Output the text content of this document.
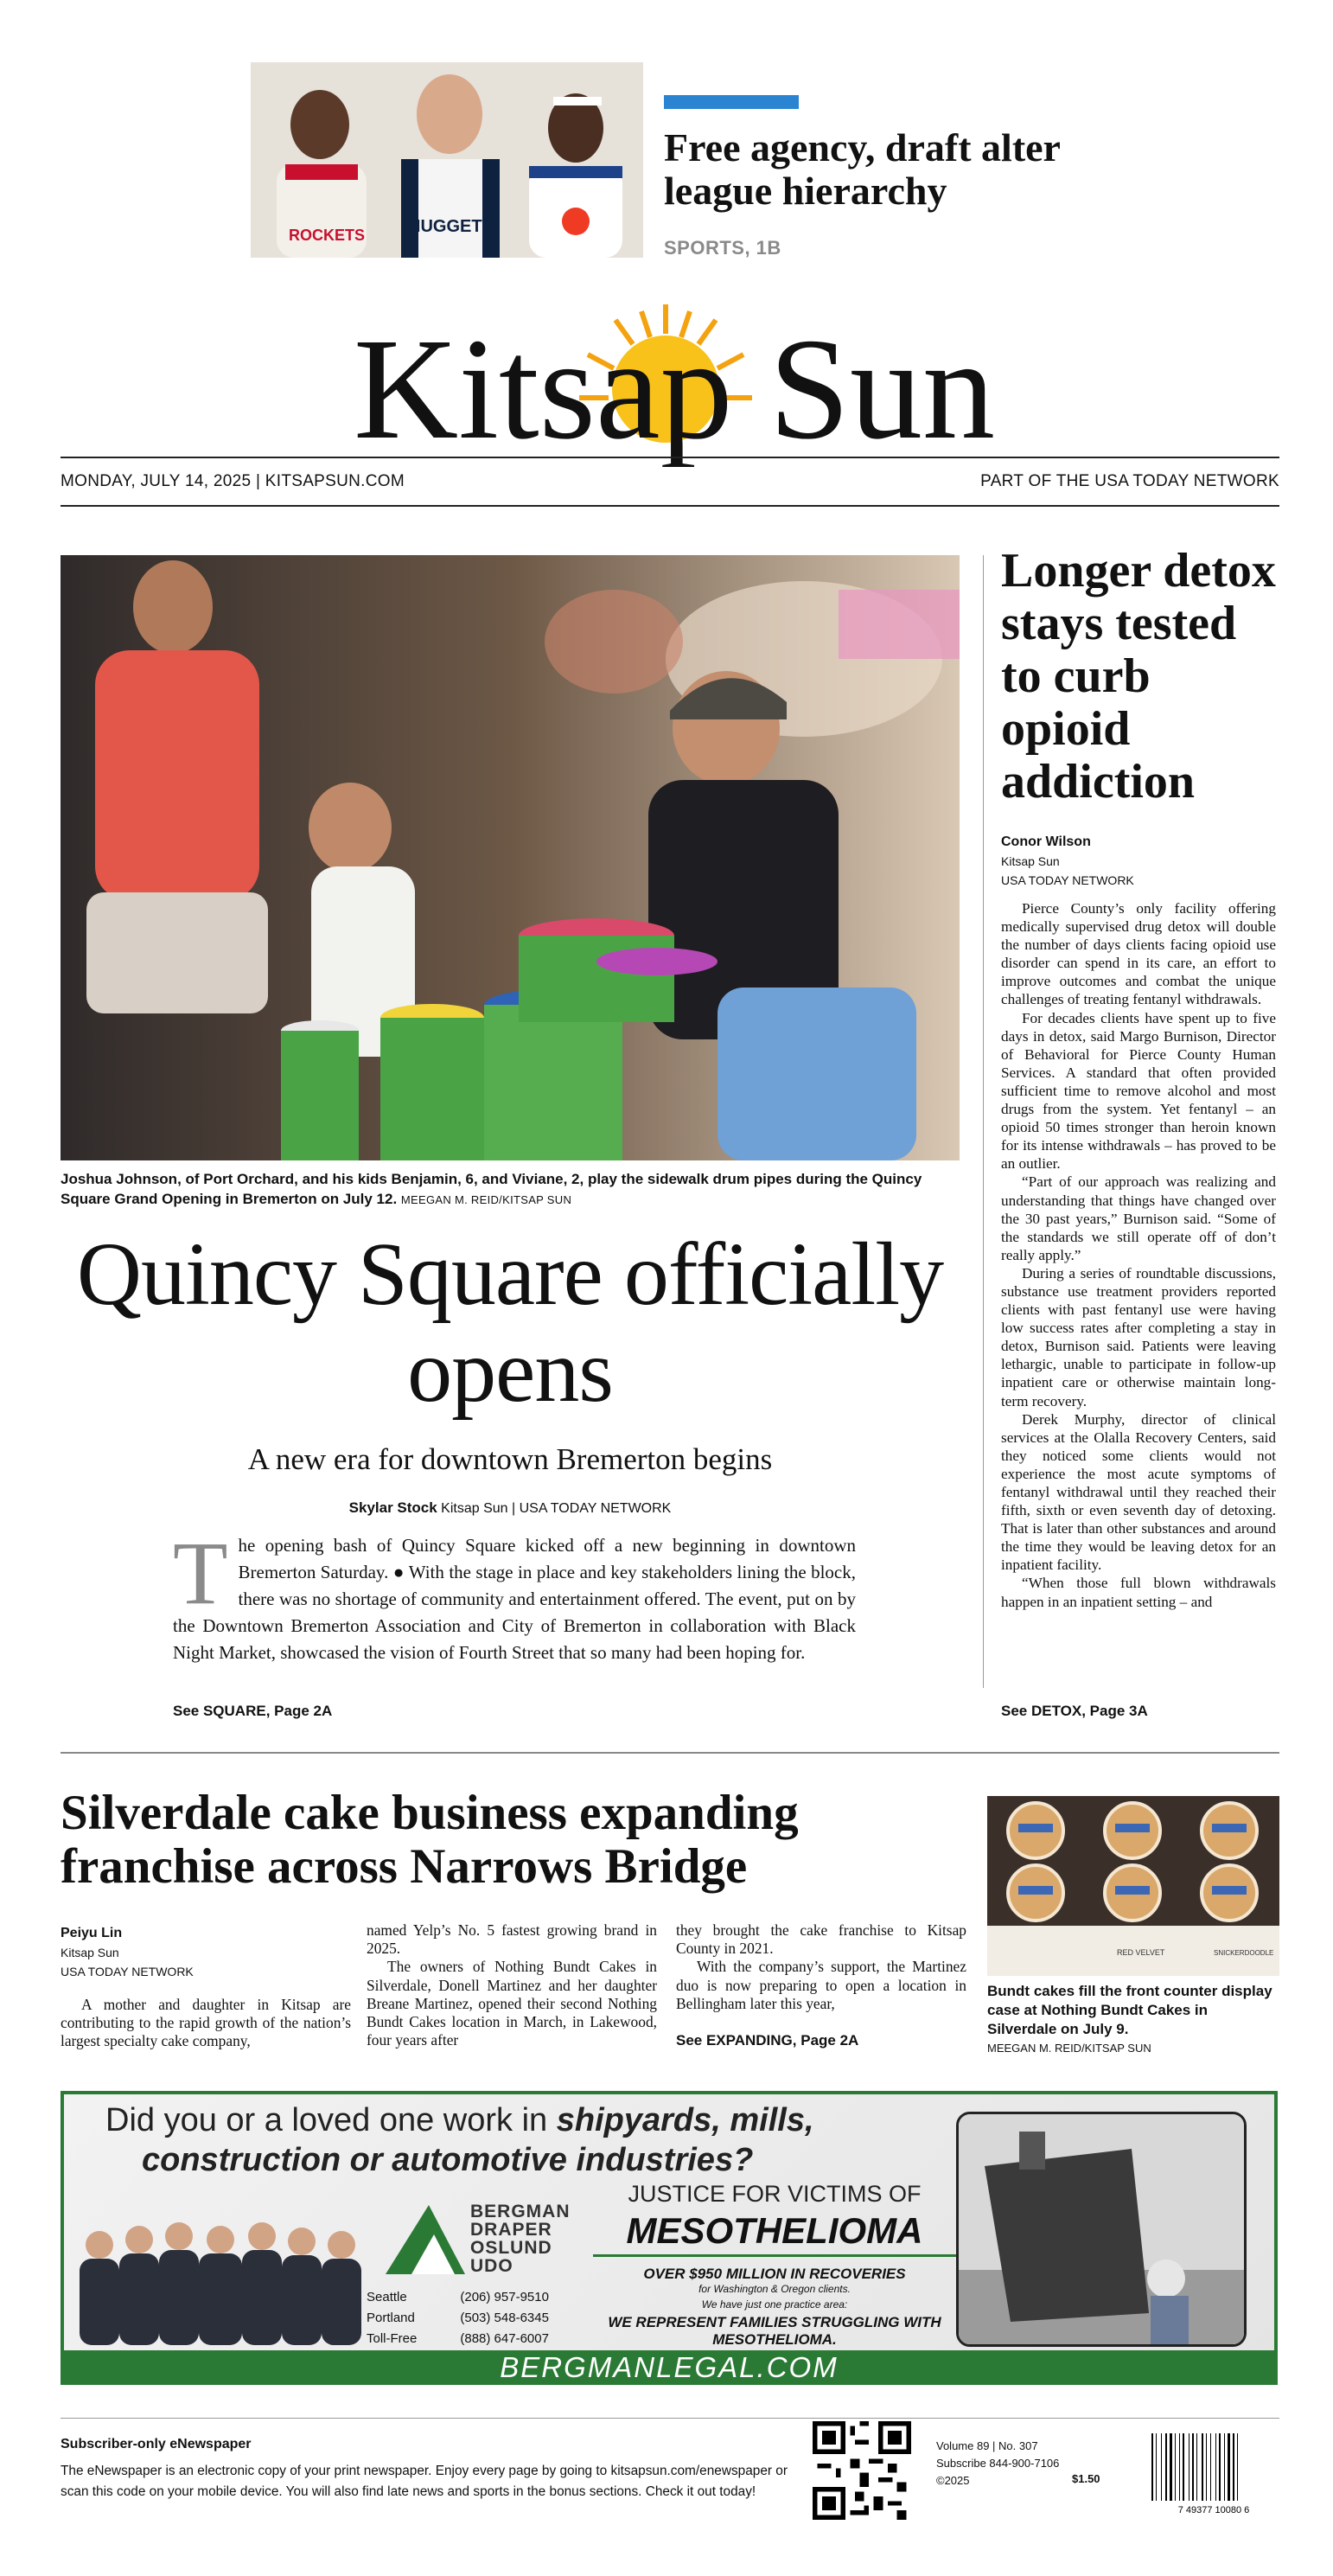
ROCKETS NUGGETS
Free agency, draft alter league hierarchy
SPORTS, 1B
Kitsap Sun
MONDAY, JULY 14, 2025 | KITSAPSUN.COM	PART OF THE USA TODAY NETWORK
Joshua Johnson, of Port Orchard, and his kids Benjamin, 6, and Viviane, 2, play the sidewalk drum pipes during the Quincy Square Grand Opening in Bremerton on July 12. MEEGAN M. REID/KITSAP SUN
Quincy Square officially opens
A new era for downtown Bremerton begins
Skylar Stock Kitsap Sun | USA TODAY NETWORK
T he opening bash of Quincy Square kicked off a new beginning in downtown Bremerton Saturday. ● With the stage in place and key stakeholders lining the block, there was no shortage of community and entertainment offered. The event, put on by the Downtown Bremerton Association and City of Bremerton in collaboration with Black Night Market, showcased the vision of Fourth Street that so many had been hoping for.
See SQUARE, Page 2A
Longer detox stays tested to curb opioid addiction
Conor Wilson
Kitsap Sun
USA TODAY NETWORK

Pierce County’s only facility offering medically supervised drug detox will double the number of days clients facing opioid use disorder can spend in its care, an effort to improve outcomes and combat the unique challenges of treating fentanyl withdrawals.

For decades clients have spent up to five days in detox, said Margo Burnison, Director of Behavioral for Pierce County Human Services. A standard that often provided sufficient time to remove alcohol and most drugs from the system. Yet fentanyl – an opioid 50 times stronger than heroin known for its intense withdrawals – has proved to be an outlier.

“Part of our approach was realizing and understanding that things have changed over the 30 past years,” Burnison said. “Some of the standards we still operate off of don’t really apply.”

During a series of roundtable discussions, substance use treatment providers reported clients with past fentanyl use were having low success rates after completing a stay in detox, Burnison said. Patients were leaving lethargic, unable to participate in follow-up inpatient care or otherwise maintain long-term recovery.

Derek Murphy, director of clinical services at the Olalla Recovery Centers, said they noticed some clients would not experience the most acute symptoms of fentanyl withdrawal until they reached their fifth, sixth or even seventh day of detoxing. That is later than other substances and around the time they would be leaving detox for an inpatient facility.

“When those full blown withdrawals happen in an inpatient setting – and

See DETOX, Page 3A
Silverdale cake business expanding franchise across Narrows Bridge
Peiyu Lin
Kitsap Sun
USA TODAY NETWORK

A mother and daughter in Kitsap are contributing to the rapid growth of the nation’s largest specialty cake company,

named Yelp’s No. 5 fastest growing brand in 2025.

The owners of Nothing Bundt Cakes in Silverdale, Donell Martinez and her daughter Breane Martinez, opened their second Nothing Bundt Cakes location in March, in Lakewood, four years after

they brought the cake franchise to Kitsap County in 2021.

With the company’s support, the Martinez duo is now preparing to open a location in Bellingham later this year,

See EXPANDING, Page 2A
RED VELVET	SNICKERDOODLE
Bundt cakes fill the front counter display case at Nothing Bundt Cakes in Silverdale on July 9.
MEEGAN M. REID/KITSAP SUN
Did you or a loved one work in shipyards, mills,
construction or automotive industries?
BERGMAN
DRAPER
OSLUND
UDO
Seattle	(206) 957-9510
Portland	(503) 548-6345
Toll-Free	(888) 647-6007
JUSTICE FOR VICTIMS OF
MESOTHELIOMA
OVER $950 MILLION IN RECOVERIES
for Washington & Oregon clients.
We have just one practice area:
WE REPRESENT FAMILIES STRUGGLING WITH MESOTHELIOMA.
BERGMANLEGAL.COM
Subscriber-only eNewspaper
The eNewspaper is an electronic copy of your print newspaper. Enjoy every page by going to kitsapsun.com/enewspaper or scan this code on your mobile device. You will also find late news and sports in the bonus sections. Check it out today!
Volume 89 | No. 307
Subscribe 844-900-7106
©2025	$1.50
7 49377 10080 6
